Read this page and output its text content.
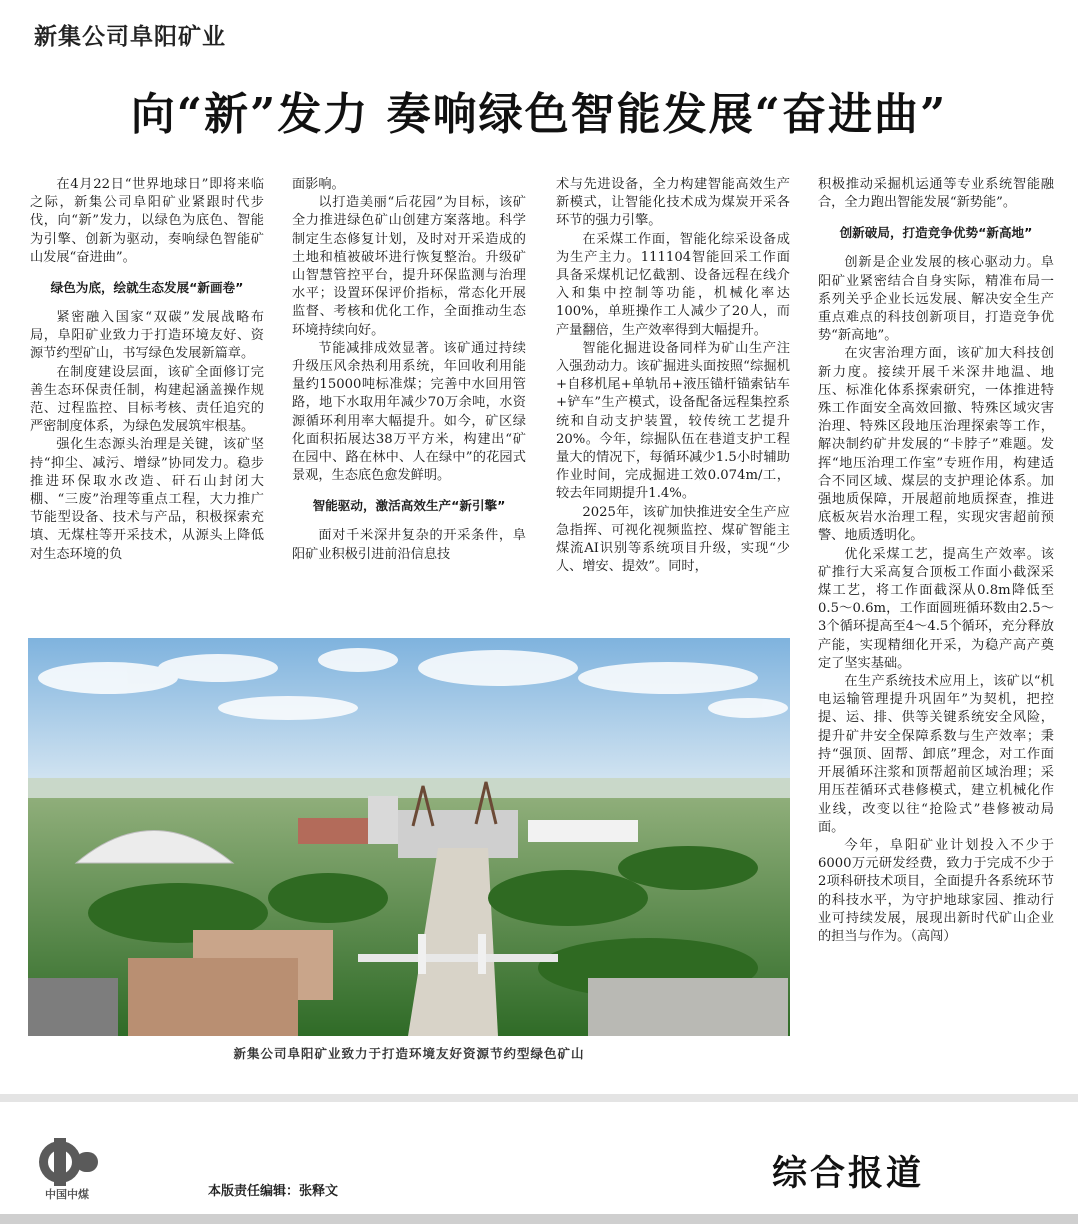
新集公司阜阳矿业
向“新”发力 奏响绿色智能发展“奋进曲”

在4月22日“世界地球日”即将来临之际，新集公司阜阳矿业紧跟时代步伐，向“新”发力，以绿色为底色、智能为引擎、创新为驱动，奏响绿色智能矿山发展“奋进曲”。

绿色为底，绘就生态发展“新画卷”

紧密融入国家“双碳”发展战略布局，阜阳矿业致力于打造环境友好、资源节约型矿山，书写绿色发展新篇章。

在制度建设层面，该矿全面修订完善生态环保责任制，构建起涵盖操作规范、过程监控、目标考核、责任追究的严密制度体系，为绿色发展筑牢根基。

强化生态源头治理是关键，该矿坚持“抑尘、减污、增绿”协同发力。稳步推进环保取水改造、矸石山封闭大棚、“三废”治理等重点工程，大力推广节能型设备、技术与产品，积极探索充填、无煤柱等开采技术，从源头上降低对生态环境的负

面影响。

以打造美丽“后花园”为目标，该矿全力推进绿色矿山创建方案落地。科学制定生态修复计划，及时对开采造成的土地和植被破坏进行恢复整治。升级矿山智慧管控平台，提升环保监测与治理水平；设置环保评价指标，常态化开展监督、考核和优化工作，全面推动生态环境持续向好。

节能减排成效显著。该矿通过持续升级压风余热利用系统，年回收利用能量约15000吨标准煤；完善中水回用管路，地下水取用年减少70万余吨，水资源循环利用率大幅提升。如今，矿区绿化面积拓展达38万平方米，构建出“矿在园中、路在林中、人在绿中”的花园式景观，生态底色愈发鲜明。

智能驱动，激活高效生产“新引擎”

面对千米深井复杂的开采条件，阜阳矿业积极引进前沿信息技

术与先进设备，全力构建智能高效生产新模式，让智能化技术成为煤炭开采各环节的强力引擎。

在采煤工作面，智能化综采设备成为生产主力。111104智能回采工作面具备采煤机记忆截割、设备远程在线介入和集中控制等功能，机械化率达100%，单班操作工人减少了20人，而产量翻倍，生产效率得到大幅提升。

智能化掘进设备同样为矿山生产注入强劲动力。该矿掘进头面按照“综掘机+自移机尾+单轨吊+液压锚杆锚索钻车+铲车”生产模式，设备配备远程集控系统和自动支护装置，较传统工艺提升20%。今年，综掘队伍在巷道支护工程量大的情况下，每循环减少1.5小时辅助作业时间，完成掘进工效0.074m/工，较去年同期提升1.4%。

2025年，该矿加快推进安全生产应急指挥、可视化视频监控、煤矿智能主煤流AI识别等系统项目升级，实现“少人、增安、提效”。同时，

积极推动采掘机运通等专业系统智能融合，全力跑出智能发展“新势能”。

创新破局，打造竞争优势“新高地”

创新是企业发展的核心驱动力。阜阳矿业紧密结合自身实际，精准布局一系列关乎企业长远发展、解决安全生产重点难点的科技创新项目，打造竞争优势“新高地”。

在灾害治理方面，该矿加大科技创新力度。接续开展千米深井地温、地压、标准化体系探索研究，一体推进特殊工作面安全高效回撤、特殊区域灾害治理、特殊区段地压治理探索等工作，解决制约矿井发展的“卡脖子”难题。发挥“地压治理工作室”专班作用，构建适合不同区域、煤层的支护理论体系。加强地质保障，开展超前地质探查，推进底板灰岩水治理工程，实现灾害超前预警、地质透明化。

优化采煤工艺，提高生产效率。该矿推行大采高复合顶板工作面小截深采煤工艺，将工作面截深从0.8m降低至0.5～0.6m，工作面圆班循环数由2.5～3个循环提高至4～4.5个循环，充分释放产能，实现精细化开采，为稳产高产奠定了坚实基础。

在生产系统技术应用上，该矿以“机电运输管理提升巩固年”为契机，把控提、运、排、供等关键系统安全风险，提升矿井安全保障系数与生产效率；秉持“强顶、固帮、卸底”理念，对工作面开展循环注浆和顶帮超前区域治理；采用压茬循环式巷修模式，建立机械化作业线，改变以往“抢险式”巷修被动局面。

今年，阜阳矿业计划投入不少于6000万元研发经费，致力于完成不少于2项科研技术项目，全面提升各系统环节的科技水平，为守护地球家园、推动行业可持续发展，展现出新时代矿山企业的担当与作为。（高闯）

新集公司阜阳矿业致力于打造环境友好资源节约型绿色矿山
中国中煤	本版责任编辑：张释文	综合报道
